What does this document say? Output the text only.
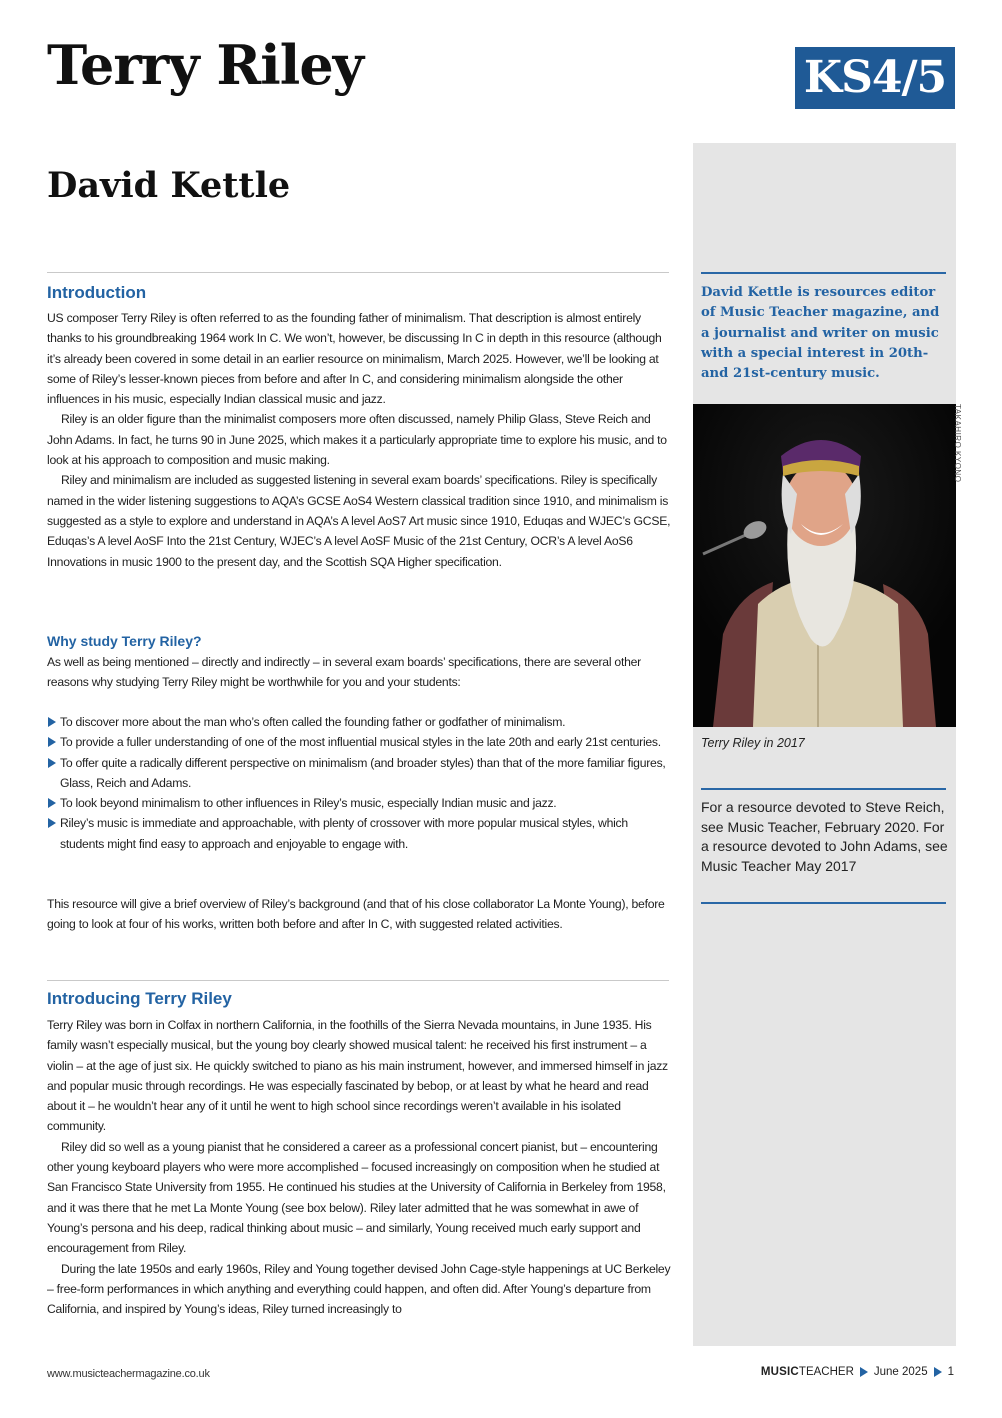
Terry Riley	KS4/5
David Kettle
Introduction

US composer Terry Riley is often referred to as the founding father of minimalism. That description is almost entirely thanks to his groundbreaking 1964 work In C. We won’t, however, be discussing In C in depth in this resource (although it’s already been covered in some detail in an earlier resource on minimalism, March 2025. However, we’ll be looking at some of Riley’s lesser-known pieces from before and after In C, and considering minimalism alongside the other influences in his music, especially Indian classical music and jazz.

Riley is an older figure than the minimalist composers more often discussed, namely Philip Glass, Steve Reich and John Adams. In fact, he turns 90 in June 2025, which makes it a particularly appropriate time to explore his music, and to look at his approach to composition and music making.

Riley and minimalism are included as suggested listening in several exam boards’ specifications. Riley is specifically named in the wider listening suggestions to AQA’s GCSE AoS4 Western classical tradition since 1910, and minimalism is suggested as a style to explore and understand in AQA’s A level AoS7 Art music since 1910, Eduqas and WJEC’s GCSE, Eduqas’s A level AoSF Into the 21st Century, WJEC’s A level AoSF Music of the 21st Century, OCR’s A level AoS6 Innovations in music 1900 to the present day, and the Scottish SQA Higher specification.

Why study Terry Riley?

As well as being mentioned – directly and indirectly – in several exam boards’ specifications, there are several other reasons why studying Terry Riley might be worthwhile for you and your students:

To discover more about the man who’s often called the founding father or godfather of minimalism.
To provide a fuller understanding of one of the most influential musical styles in the late 20th and early 21st centuries.
To offer quite a radically different perspective on minimalism (and broader styles) than that of the more familiar figures, Glass, Reich and Adams.
To look beyond minimalism to other influences in Riley’s music, especially Indian music and jazz.
Riley’s music is immediate and approachable, with plenty of crossover with more popular musical styles, which students might find easy to approach and enjoyable to engage with.

This resource will give a brief overview of Riley’s background (and that of his close collaborator La Monte Young), before going to look at four of his works, written both before and after In C, with suggested related activities.

Introducing Terry Riley

Terry Riley was born in Colfax in northern California, in the foothills of the Sierra Nevada mountains, in June 1935. His family wasn’t especially musical, but the young boy clearly showed musical talent: he received his first instrument – a violin – at the age of just six. He quickly switched to piano as his main instrument, however, and immersed himself in jazz and popular music through recordings. He was especially fascinated by bebop, or at least by what he heard and read about it – he wouldn’t hear any of it until he went to high school since recordings weren’t available in his isolated community.

Riley did so well as a young pianist that he considered a career as a professional concert pianist, but – encountering other young keyboard players who were more accomplished – focused increasingly on composition when he studied at San Francisco State University from 1955. He continued his studies at the University of California in Berkeley from 1958, and it was there that he met La Monte Young (see box below). Riley later admitted that he was somewhat in awe of Young’s persona and his deep, radical thinking about music – and similarly, Young received much early support and encouragement from Riley.

During the late 1950s and early 1960s, Riley and Young together devised John Cage-style happenings at UC Berkeley – free-form performances in which anything and everything could happen, and often did. After Young’s departure from California, and inspired by Young’s ideas, Riley turned increasingly to

David Kettle is resources editor of Music Teacher magazine, and a journalist and writer on music with a special interest in 20th- and 21st-century music.
TAKAHIRO KYONO
Terry Riley in 2017
For a resource devoted to Steve Reich, see Music Teacher, February 2020. For a resource devoted to John Adams, see Music Teacher May 2017
www.musicteachermagazine.co.uk	MUSICTEACHER June 2025 1
